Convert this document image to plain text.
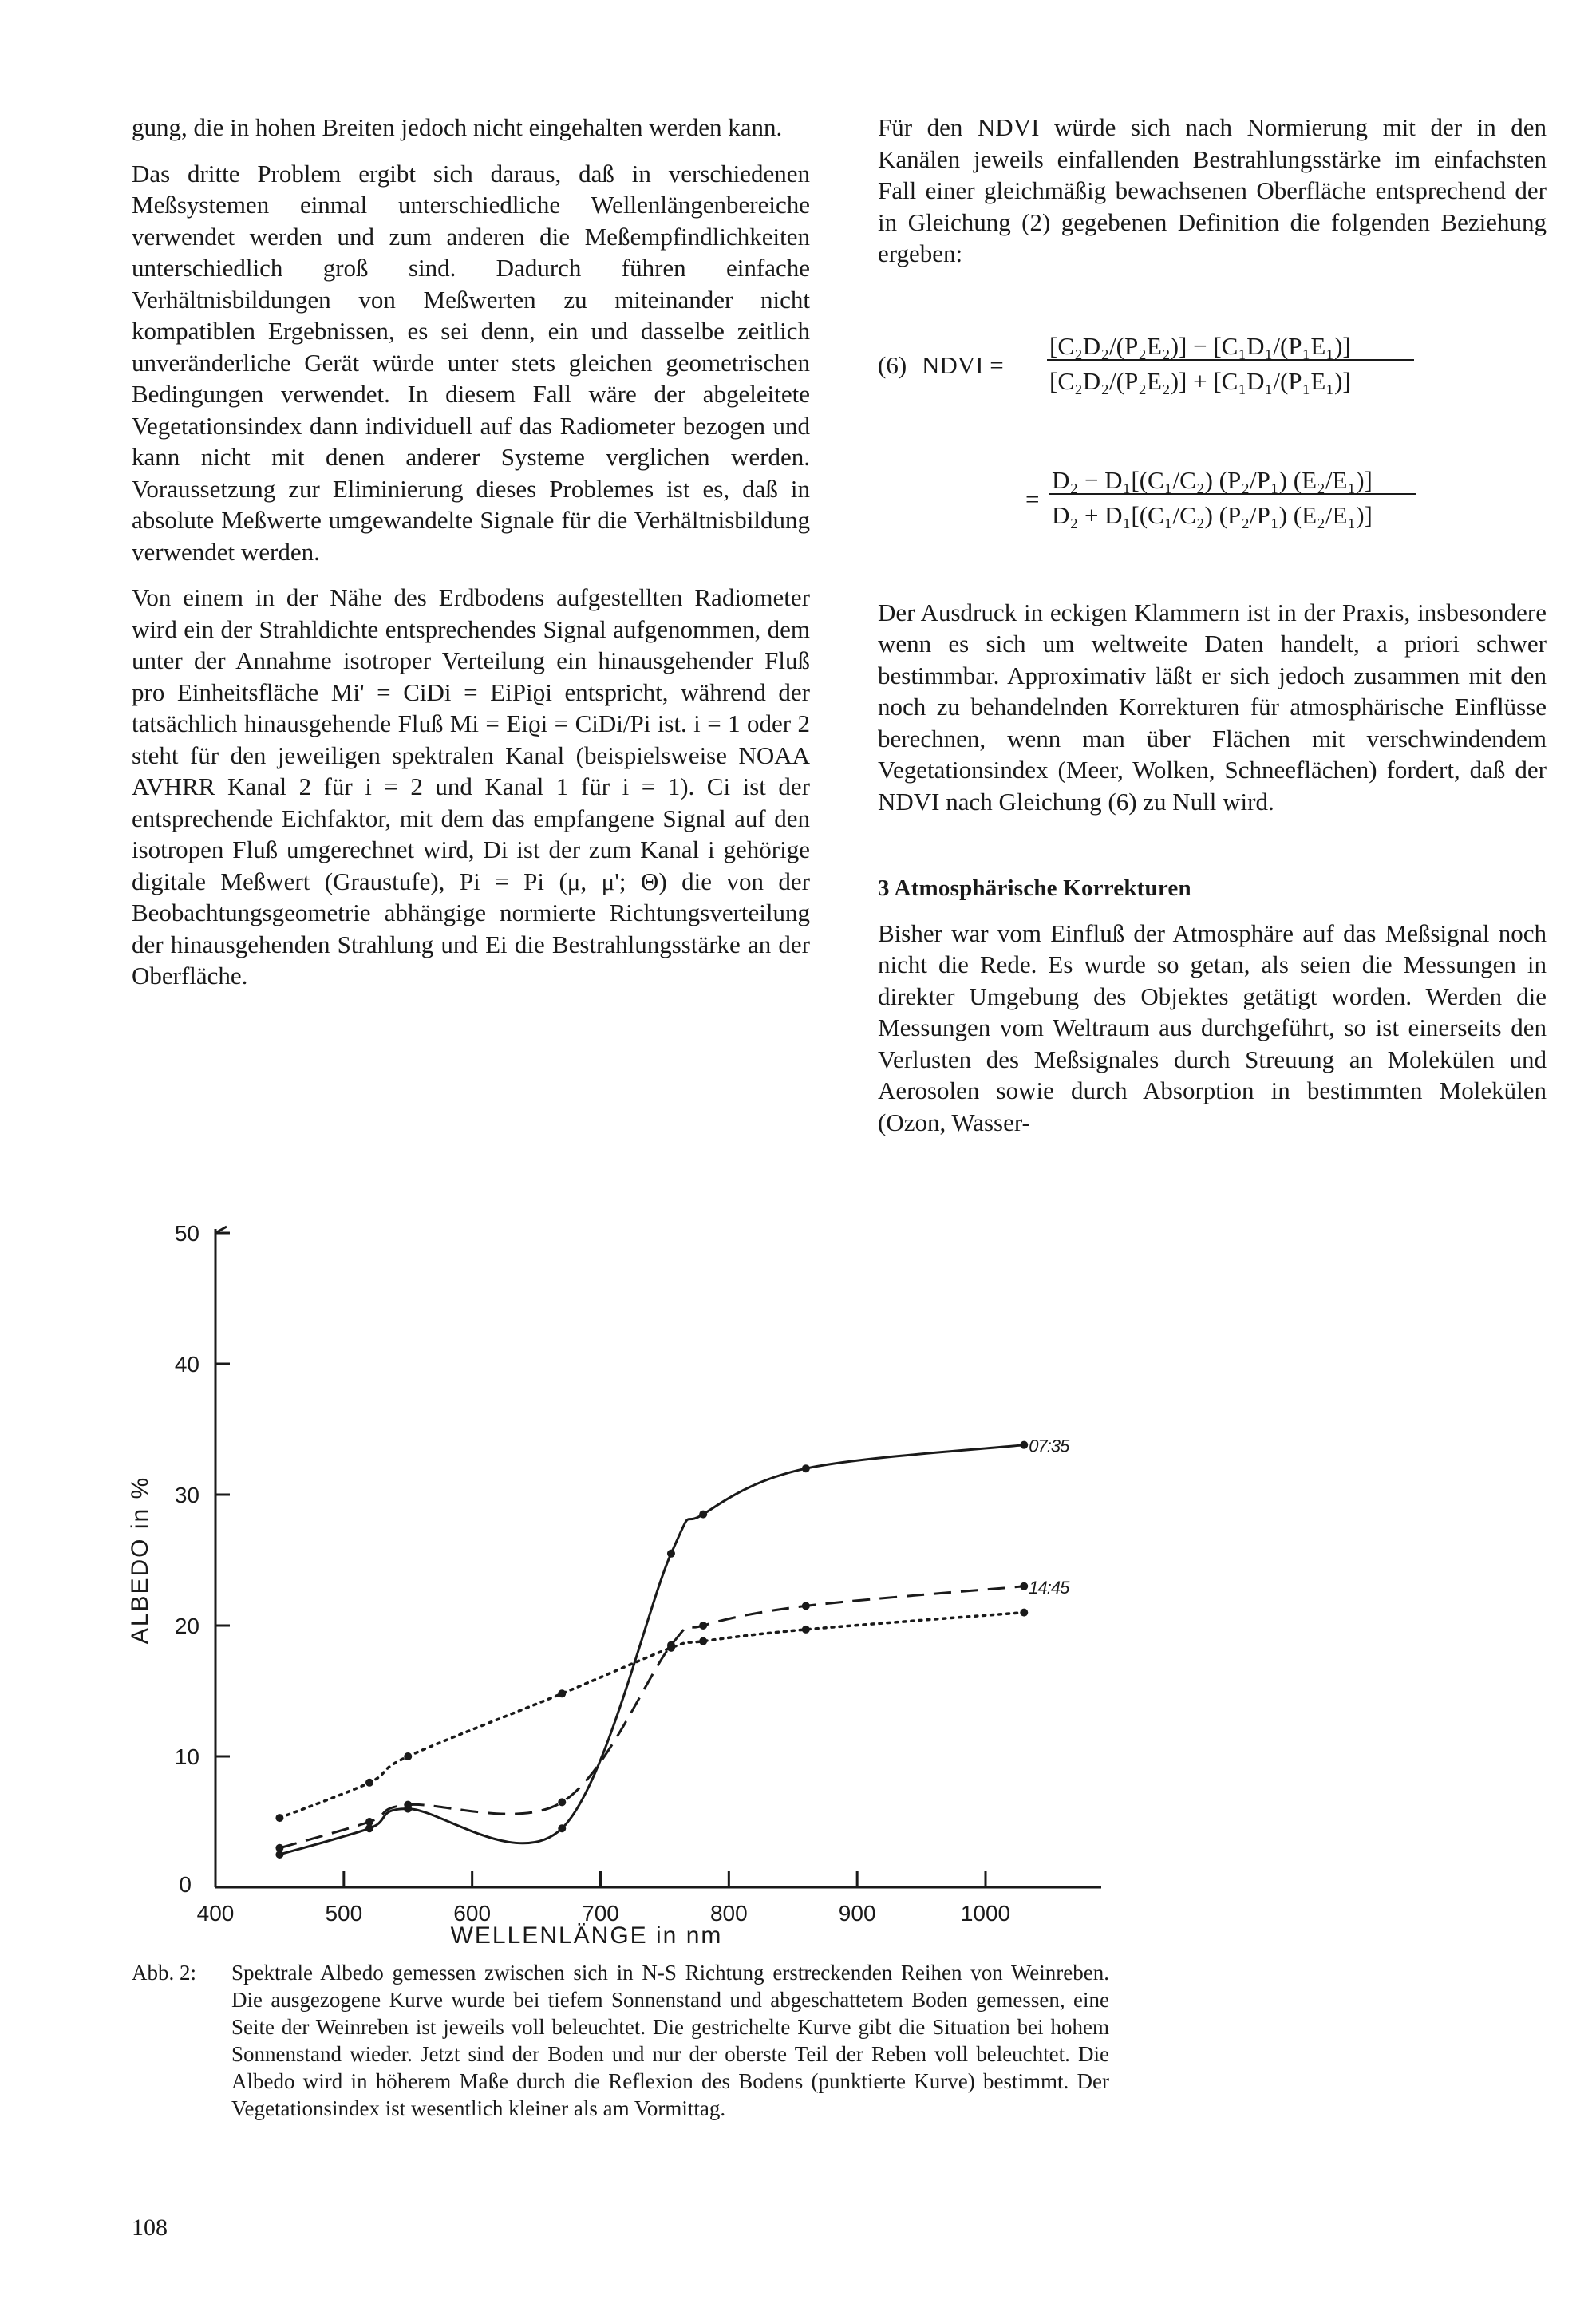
gung, die in hohen Breiten jedoch nicht eingehalten werden kann.

Das dritte Problem ergibt sich daraus, daß in verschiedenen Meßsystemen einmal unterschiedliche Wellenlängenbereiche verwendet werden und zum anderen die Meßempfindlichkeiten unterschiedlich groß sind. Dadurch führen einfache Verhältnisbildungen von Meßwerten zu miteinander nicht kompatiblen Ergebnissen, es sei denn, ein und dasselbe zeitlich unveränderliche Gerät würde unter stets gleichen geometrischen Bedingungen verwendet. In diesem Fall wäre der abgeleitete Vegetationsindex dann individuell auf das Radiometer bezogen und kann nicht mit denen anderer Systeme verglichen werden. Voraussetzung zur Eliminierung dieses Problemes ist es, daß in absolute Meßwerte umgewandelte Signale für die Verhältnisbildung verwendet werden.

Von einem in der Nähe des Erdbodens aufgestellten Radiometer wird ein der Strahldichte entsprechendes Signal aufgenommen, dem unter der Annahme isotroper Verteilung ein hinausgehender Fluß pro Einheitsfläche Mi' = CiDi = EiPiϱi entspricht, während der tatsächlich hinausgehende Fluß Mi = Eiϱi = CiDi/Pi ist. i = 1 oder 2 steht für den jeweiligen spektralen Kanal (beispielsweise NOAA AVHRR Kanal 2 für i = 2 und Kanal 1 für i = 1). Ci ist der entsprechende Eichfaktor, mit dem das empfangene Signal auf den isotropen Fluß umgerechnet wird, Di ist der zum Kanal i gehörige digitale Meßwert (Graustufe), Pi = Pi (μ, μ'; Θ) die von der Beobachtungsgeometrie abhängige normierte Richtungsverteilung der hinausgehenden Strahlung und Ei die Bestrahlungsstärke an der Oberfläche.

Für den NDVI würde sich nach Normierung mit der in den Kanälen jeweils einfallenden Bestrahlungsstärke im einfachsten Fall einer gleichmäßig bewachsenen Oberfläche entsprechend der in Gleichung (2) gegebenen Definition die folgenden Beziehung ergeben:

(6) NDVI =
[C₂D₂/(P₂E₂)] − [C₁D₁/(P₁E₁)]
[C₂D₂/(P₂E₂)] + [C₁D₁/(P₁E₁)]
=
D₂ − D₁[(C₁/C₂) (P₂/P₁) (E₂/E₁)]
D₂ + D₁[(C₁/C₂) (P₂/P₁) (E₂/E₁)]

Der Ausdruck in eckigen Klammern ist in der Praxis, insbesondere wenn es sich um weltweite Daten handelt, a priori schwer bestimmbar. Approximativ läßt er sich jedoch zusammen mit den noch zu behandelnden Korrekturen für atmosphärische Einflüsse berechnen, wenn man über Flächen mit verschwindendem Vegetationsindex (Meer, Wolken, Schneeflächen) fordert, daß der NDVI nach Gleichung (6) zu Null wird.

3 Atmosphärische Korrekturen

Bisher war vom Einfluß der Atmosphäre auf das Meßsignal noch nicht die Rede. Es wurde so getan, als seien die Messungen in direkter Umgebung des Objektes getätigt worden. Werden die Messungen vom Weltraum aus durchgeführt, so ist einerseits den Verlusten des Meßsignales durch Streuung an Molekülen und Aerosolen sowie durch Absorption in bestimmten Molekülen (Ozon, Wasser-

0
10
20
30
40
50
400	500	600	700	800	900	1000
WELLENLÄNGE in nm
ALBEDO in %
07:35
14:45
Abb. 2: Spektrale Albedo gemessen zwischen sich in N-S Richtung erstreckenden Reihen von Weinreben. Die ausgezogene Kurve wurde bei tiefem Sonnenstand und abgeschattetem Boden gemessen, eine Seite der Weinreben ist jeweils voll beleuchtet. Die gestrichelte Kurve gibt die Situation bei hohem Sonnenstand wieder. Jetzt sind der Boden und nur der oberste Teil der Reben voll beleuchtet. Die Albedo wird in höherem Maße durch die Reflexion des Bodens (punktierte Kurve) bestimmt. Der Vegetationsindex ist wesentlich kleiner als am Vormittag.
108
